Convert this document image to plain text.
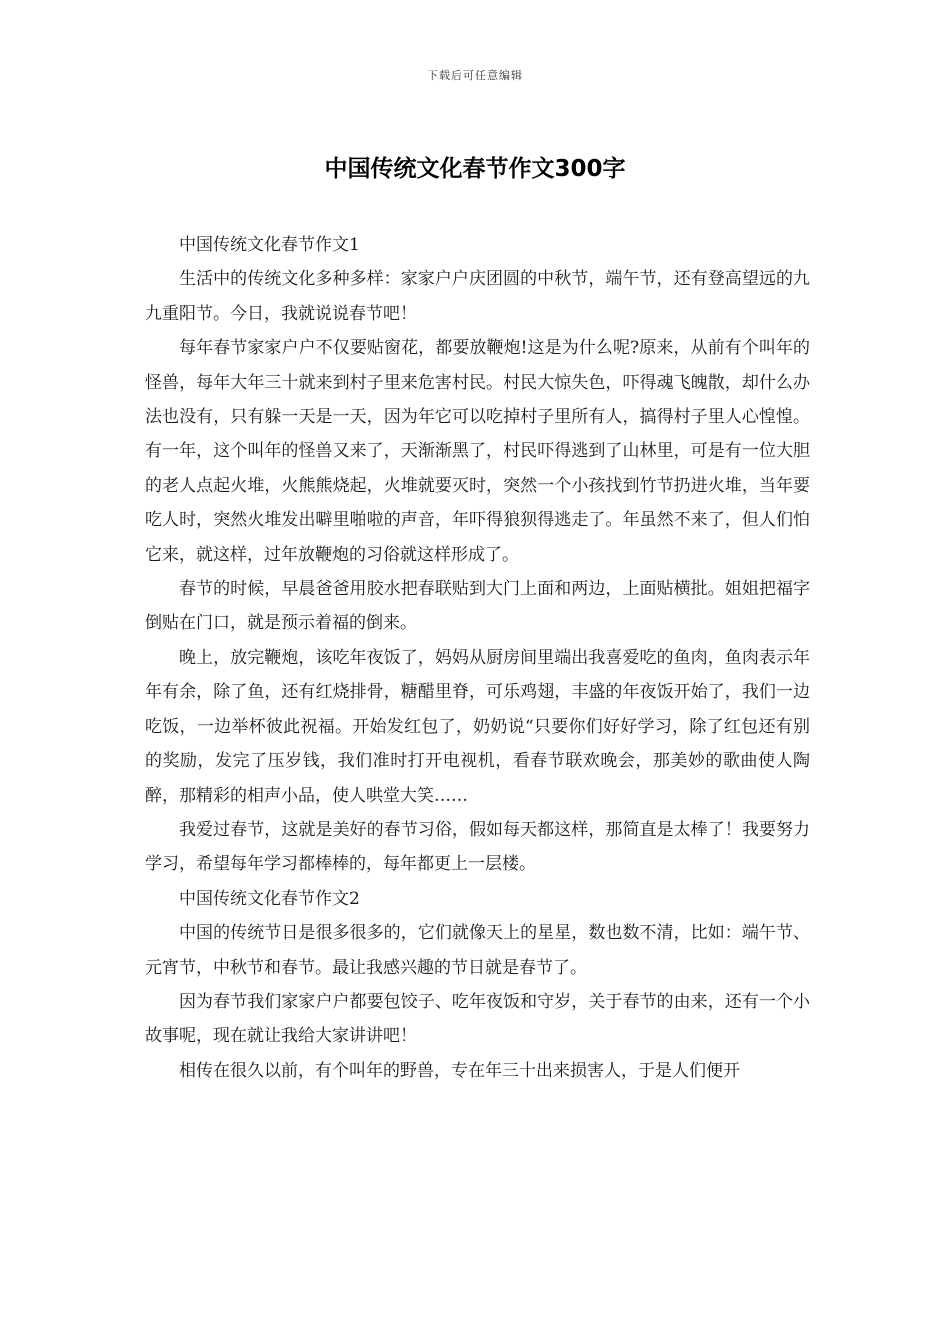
下载后可任意编辑
中国传统文化春节作文300字

中国传统文化春节作文1

生活中的传统文化多种多样：家家户户庆团圆的中秋节，端午节，还有登高望远的九九重阳节。今日，我就说说春节吧！

每年春节家家户户不仅要贴窗花，都要放鞭炮!这是为什么呢?原来，从前有个叫年的怪兽，每年大年三十就来到村子里来危害村民。村民大惊失色，吓得魂飞魄散，却什么办法也没有，只有躲一天是一天，因为年它可以吃掉村子里所有人，搞得村子里人心惶惶。有一年，这个叫年的怪兽又来了，天渐渐黑了，村民吓得逃到了山林里，可是有一位大胆的老人点起火堆，火熊熊烧起，火堆就要灭时，突然一个小孩找到竹节扔进火堆，当年要吃人时，突然火堆发出噼里啪啦的声音，年吓得狼狈得逃走了。年虽然不来了，但人们怕它来，就这样，过年放鞭炮的习俗就这样形成了。

春节的时候，早晨爸爸用胶水把春联贴到大门上面和两边，上面贴横批。姐姐把福字倒贴在门口，就是预示着福的倒来。

晚上，放完鞭炮，该吃年夜饭了，妈妈从厨房间里端出我喜爱吃的鱼肉，鱼肉表示年年有余，除了鱼，还有红烧排骨，糖醋里脊，可乐鸡翅，丰盛的年夜饭开始了，我们一边吃饭，一边举杯彼此祝福。开始发红包了，奶奶说“只要你们好好学习，除了红包还有别的奖励，发完了压岁钱，我们准时打开电视机，看春节联欢晚会，那美妙的歌曲使人陶醉，那精彩的相声小品，使人哄堂大笑……

我爱过春节，这就是美好的春节习俗，假如每天都这样，那简直是太棒了！我要努力学习，希望每年学习都棒棒的，每年都更上一层楼。

中国传统文化春节作文2

中国的传统节日是很多很多的，它们就像天上的星星，数也数不清，比如：端午节、元宵节，中秋节和春节。最让我感兴趣的节日就是春节了。

因为春节我们家家户户都要包饺子、吃年夜饭和守岁，关于春节的由来，还有一个小故事呢，现在就让我给大家讲讲吧！

相传在很久以前，有个叫年的野兽，专在年三十出来损害人，于是人们便开
